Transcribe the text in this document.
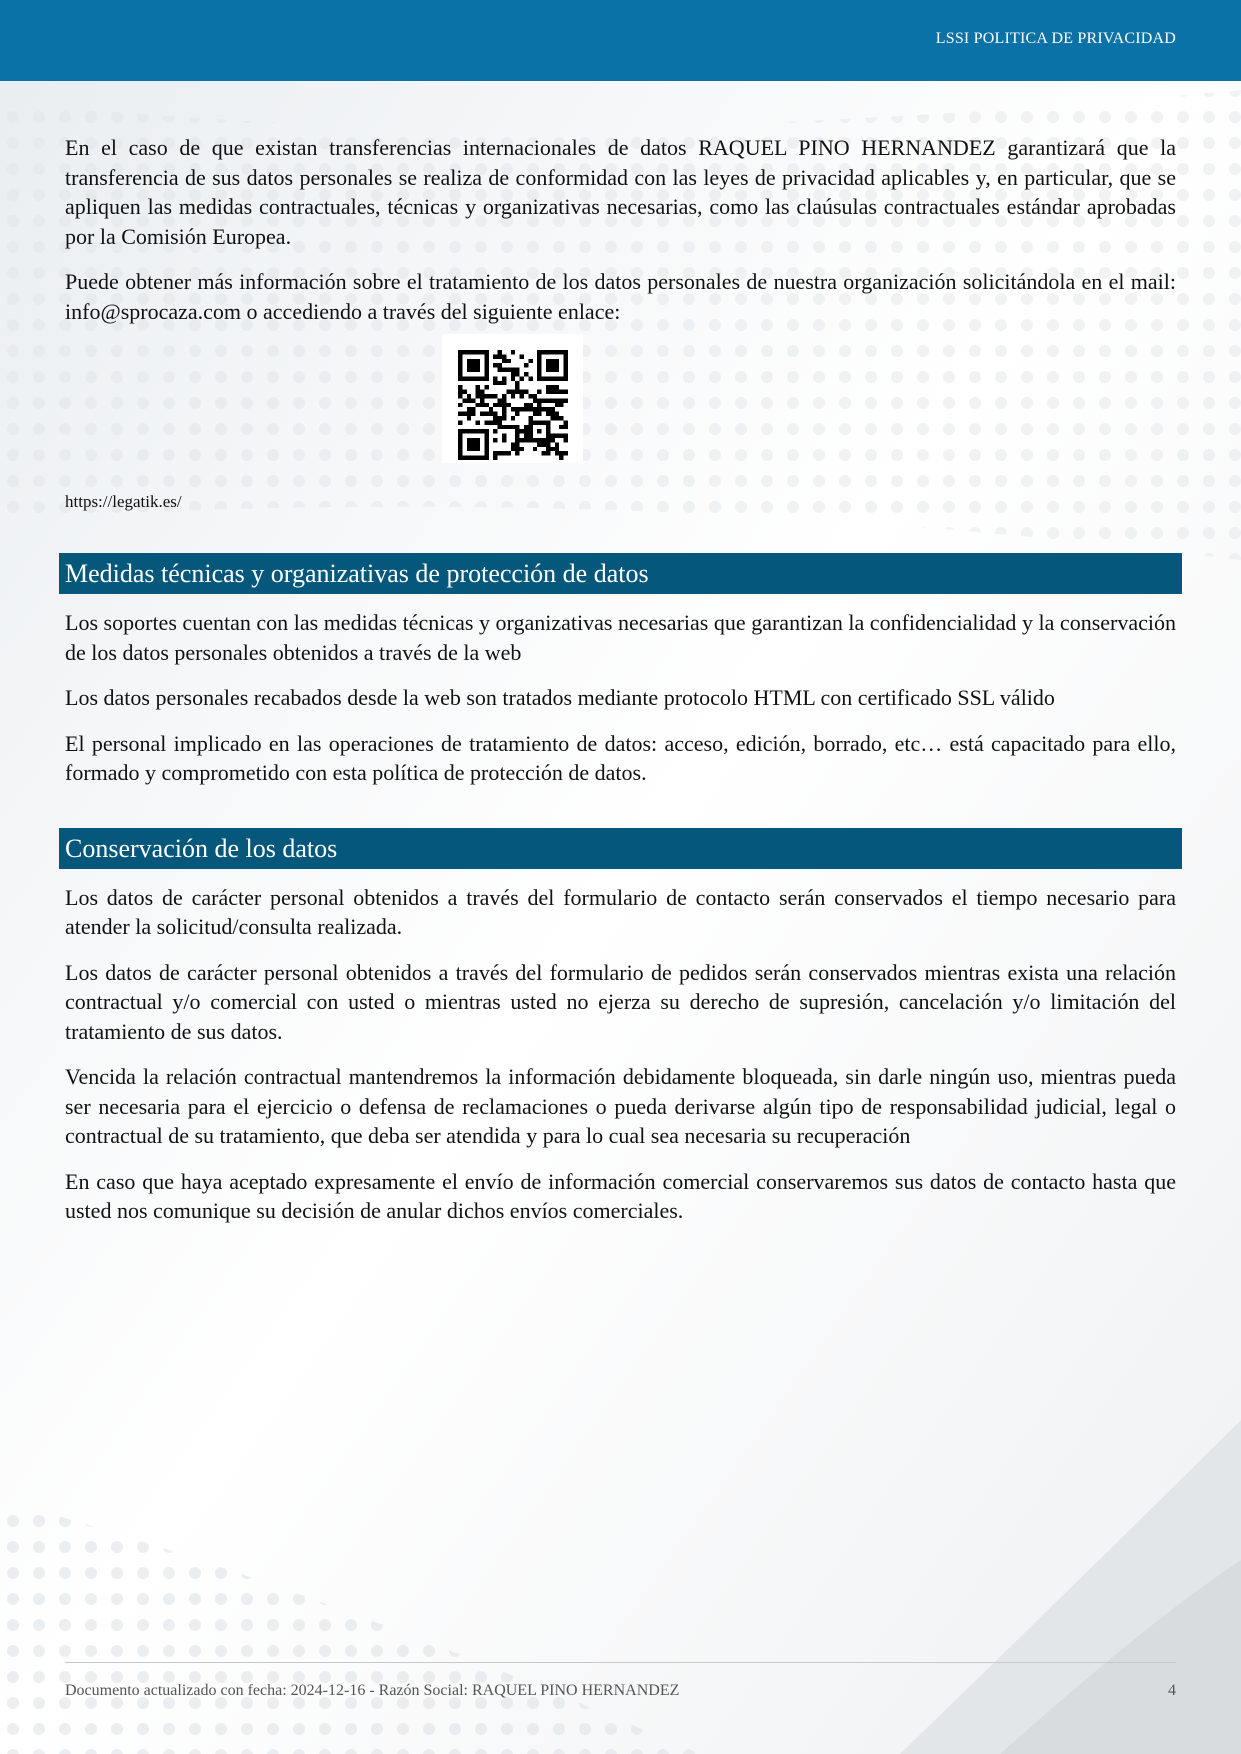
LSSI POLITICA DE PRIVACIDAD

En el caso de que existan transferencias internacionales de datos RAQUEL PINO HERNANDEZ garantizará que la transferencia de sus datos personales se realiza de conformidad con las leyes de privacidad aplicables y, en particular, que se apliquen las medidas contractuales, técnicas y organizativas necesarias, como las claúsulas contractuales estándar aprobadas por la Comisión Europea.

Puede obtener más información sobre el tratamiento de los datos personales de nuestra organización solicitándola en el mail: info@sprocaza.com o accediendo a través del siguiente enlace:

https://legatik.es/
Medidas técnicas y organizativas de protección de datos

Los soportes cuentan con las medidas técnicas y organizativas necesarias que garantizan la confidencialidad y la conservación de los datos personales obtenidos a través de la web

Los datos personales recabados desde la web son tratados mediante protocolo HTML con certificado SSL válido

El personal implicado en las operaciones de tratamiento de datos: acceso, edición, borrado, etc… está capacitado para ello, formado y comprometido con esta política de protección de datos.

Conservación de los datos

Los datos de carácter personal obtenidos a través del formulario de contacto serán conservados el tiempo necesario para atender la solicitud/consulta realizada.

Los datos de carácter personal obtenidos a través del formulario de pedidos serán conservados mientras exista una relación contractual y/o comercial con usted o mientras usted no ejerza su derecho de supresión, cancelación y/o limitación del tratamiento de sus datos.

Vencida la relación contractual mantendremos la información debidamente bloqueada, sin darle ningún uso, mientras pueda ser necesaria para el ejercicio o defensa de reclamaciones o pueda derivarse algún tipo de responsabilidad judicial, legal o contractual de su tratamiento, que deba ser atendida y para lo cual sea necesaria su recuperación

En caso que haya aceptado expresamente el envío de información comercial conservaremos sus datos de contacto hasta que usted nos comunique su decisión de anular dichos envíos comerciales.

Documento actualizado con fecha: 2024-12-16 - Razón Social: RAQUEL PINO HERNANDEZ	4
